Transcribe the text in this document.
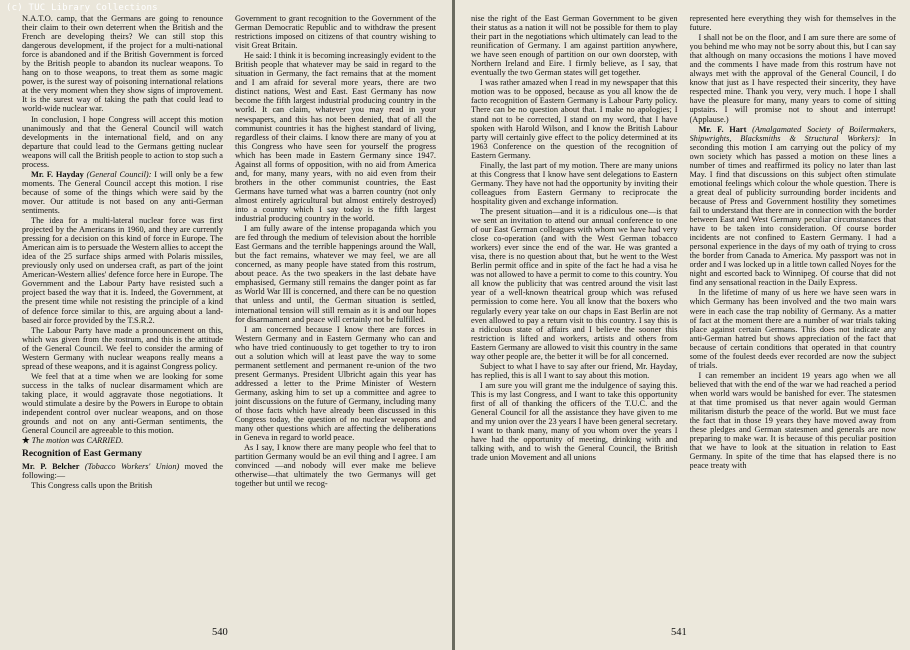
(c) TUC Library Collections

N.A.T.O. camp, that the Germans are going to renounce their claim to their own deterrent when the British and the French are developing theirs? We can still stop this dangerous development, if the project for a multi-national force is abandoned and if the British Government is forced by the British people to abandon its nuclear weapons. To hang on to those weapons, to treat them as some magic power, is the surest way of poisoning international relations at the very moment when they show signs of improvement. It is the surest way of taking the path that could lead to world-wide nuclear war.

In conclusion, I hope Congress will accept this motion unanimously and that the General Council will watch developments in the international field, and on any departure that could lead to the Germans getting nuclear weapons will call the British people to action to stop such a process.

Mr. F. Hayday (General Council): I will only be a few moments. The General Council accept this motion. I rise because of some of the things which were said by the mover. Our attitude is not based on any anti-German sentiments.

The idea for a multi-lateral nuclear force was first projected by the Americans in 1960, and they are currently pressing for a decision on this kind of force in Europe. The American aim is to persuade the Western allies to accept the idea of the 25 surface ships armed with Polaris missiles, previously only used on undersea craft, as part of the joint American-Western allies' defence force here in Europe. The Government and the Labour Party have resisted such a project based the way that it is. Indeed, the Government, at the present time while not resisting the principle of a kind of defence force similar to this, are arguing about a land-based air force provided by the T.S.R.2.

The Labour Party have made a pronouncement on this, which was given from the rostrum, and this is the attitude of the General Council. We feel to consider the arming of Western Germany with nuclear weapons really means a spread of these weapons, and it is against Congress policy.

We feel that at a time when we are looking for some success in the talks of nuclear disarmament which are taking place, it would aggravate those negotiations. It would stimulate a desire by the Powers in Europe to obtain independent control over nuclear weapons, and on those grounds and not on any anti-German sentiments, the General Council are agreeable to this motion.

★ The motion was CARRIED.

Recognition of East Germany

Mr. P. Belcher (Tobacco Workers' Union) moved the following:—

This Congress calls upon the British

Government to grant recognition to the Government of the German Democratic Republic and to withdraw the present restrictions imposed on citizens of that country wishing to visit Great Britain.

He said: I think it is becoming increasingly evident to the British people that whatever may be said in regard to the situation in Germany, the fact remains that at the moment and I am afraid for several more years, there are two distinct nations, West and East. East Germany has now become the fifth largest industrial producing country in the world. It can claim, whatever you may read in your newspapers, and this has not been denied, that of all the communist countries it has the highest standard of living, regardless of their claims. I know there are many of you at this Congress who have seen for yourself the progress which has been made in Eastern Germany since 1947. Against all forms of opposition, with no aid from America and, for many, many years, with no aid even from their brothers in the other communist countries, the East Germans have turned what was a barren country (not only almost entirely agricultural but almost entirely destroyed) into a country which I say today is the fifth largest industrial producing country in the world.

I am fully aware of the intense propaganda which you are fed through the medium of television about the horrible East Germans and the terrible happenings around the Wall, but the fact remains, whatever we may feel, we are all concerned, as many people have stated from this rostrum, about peace. As the two speakers in the last debate have emphasised, Germany still remains the danger point as far as World War III is concerned, and there can be no question that unless and until, the German situation is settled, international tension will still remain as it is and our hopes for disarmament and peace will certainly not be fulfilled.

I am concerned because I know there are forces in Western Germany and in Eastern Germany who can and who have tried continuously to get together to try to iron out a solution which will at least pave the way to some permanent settlement and permanent re-union of the two present Germanys. President Ulbricht again this year has addressed a letter to the Prime Minister of Western Germany, asking him to set up a committee and agree to joint discussions on the future of Germany, including many of those facts which have already been discussed in this Congress today, the question of no nuclear weapons and many other questions which are affecting the deliberations in Geneva in regard to world peace.

As I say, I know there are many people who feel that to partition Germany would be an evil thing and I agree. I am convinced —and nobody will ever make me believe otherwise—that ultimately the two Germanys will get together but until we recog-

540

nise the right of the East German Government to be given their status as a nation it will not be possible for them to play their part in the negotiations which ultimately can lead to the reunification of Germany. I am against partition anywhere, we have seen enough of partition on our own doorstep, with Northern Ireland and Eire. I firmly believe, as I say, that eventually the two German states will get together.

I was rather amazed when I read in my newspaper that this motion was to be opposed, because as you all know the de facto recognition of Eastern Germany is Labour Party policy. There can be no question about that. I make no apologies; I stand not to be corrected, I stand on my word, that I have spoken with Harold Wilson, and I know the British Labour party will certainly give effect to the policy determined at its 1963 Conference on the question of the recognition of Eastern Germany.

Finally, the last part of my motion. There are many unions at this Congress that I know have sent delegations to Eastern Germany. They have not had the opportunity by inviting their colleagues from Eastern Germany to reciprocate the hospitality given and exchange information.

The present situation—and it is a ridiculous one—is that we sent an invitation to attend our annual conference to one of our East German colleagues with whom we have had very close co-operation (and with the West German tobacco workers) ever since the end of the war. He was granted a visa, there is no question about that, but he went to the West Berlin permit office and in spite of the fact he had a visa he was not allowed to have a permit to come to this country. You all know the publicity that was centred around the visit last year of a well-known theatrical group which was refused permission to come here. You all know that the boxers who regularly every year take on our chaps in East Berlin are not even allowed to pay a return visit to this country. I say this is a ridiculous state of affairs and I believe the sooner this restriction is lifted and workers, artists and others from Eastern Germany are allowed to visit this country in the same way other people are, the better it will be for all concerned.

Subject to what I have to say after our friend, Mr. Hayday, has replied, this is all I want to say about this motion.

I am sure you will grant me the indulgence of saying this. This is my last Congress, and I want to take this opportunity first of all of thanking the officers of the T.U.C. and the General Council for all the assistance they have given to me and my union over the 23 years I have been general secretary. I want to thank many, many of you whom over the years I have had the opportunity of meeting, drinking with and talking with, and to wish the General Council, the British trade union Movement and all unions

represented here everything they wish for themselves in the future.

I shall not be on the floor, and I am sure there are some of you behind me who may not be sorry about this, but I can say that although on many occasions the motions I have moved and the comments I have made from this rostrum have not always met with the approval of the General Council, I do know that just as I have respected their sincerity, they have respected mine. Thank you very, very much. I hope I shall have the pleasure for many, many years to come of sitting upstairs. I will promise not to shout and interrupt! (Applause.)

Mr. F. Hart (Amalgamated Society of Boilermakers, Shipwrights, Blacksmiths & Structural Workers): In seconding this motion I am carrying out the policy of my own society which has passed a motion on these lines a number of times and reaffirmed its policy no later than last May. I find that discussions on this subject often stimulate emotional feelings which colour the whole question. There is a great deal of publicity surrounding border incidents and because of Press and Government hostility they sometimes fail to understand that there are in connection with the border between East and West Germany peculiar circumstances that have to be taken into consideration. Of course border incidents are not confined to Eastern Germany. I had a personal experience in the days of my oath of trying to cross the border from Canada to America. My passport was not in order and I was locked up in a little town called Noyes for the night and escorted back to Winnipeg. Of course that did not find any sensational reaction in the Daily Express.

In the lifetime of many of us here we have seen wars in which Germany has been involved and the two main wars were in each case the trap nobility of Germany. As a matter of fact at the moment there are a number of war trials taking place against certain Germans. This does not indicate any anti-German hatred but shows appreciation of the fact that because of certain conditions that operated in that country some of the foulest deeds ever recorded are now the subject of trials.

I can remember an incident 19 years ago when we all believed that with the end of the war we had reached a period when world wars would be banished for ever. The statesmen at that time promised us that never again would German militarism disturb the peace of the world. But we must face the fact that in those 19 years they have moved away from these pledges and German statesmen and generals are now preparing to make war. It is because of this peculiar position that we have to look at the situation in relation to East Germany. In spite of the time that has elapsed there is no peace treaty with

541
